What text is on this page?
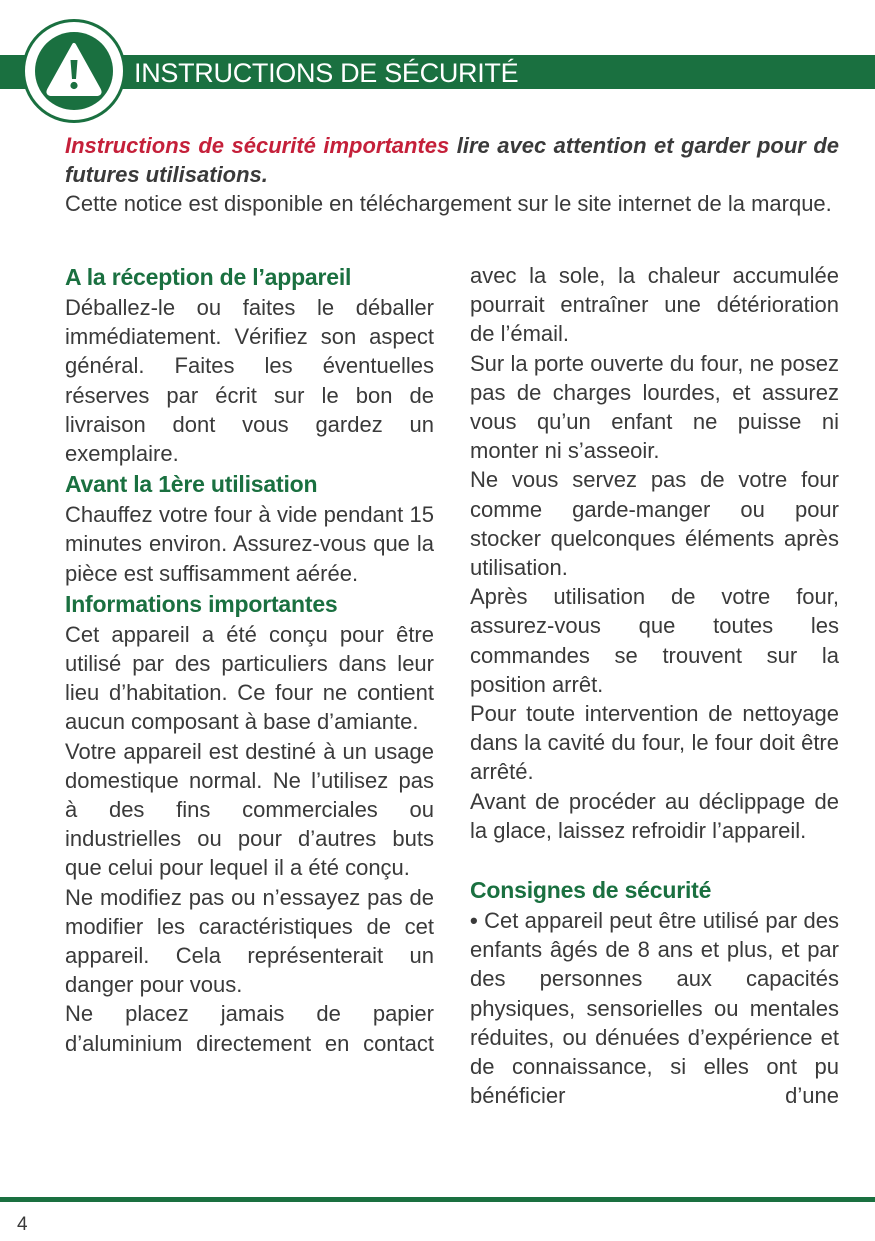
INSTRUCTIONS DE SÉCURITÉ

Instructions de sécurité importantes lire avec attention et garder pour de futures utilisations.

Cette notice est disponible en téléchargement sur le site internet de la marque.

A la réception de l’appareil

Déballez-le ou faites le déballer immédiatement. Vérifiez son aspect général. Faites les éventuelles réserves par écrit sur le bon de livraison dont vous gardez un exemplaire.

Avant la 1ère utilisation

Chauffez votre four à vide pendant 15 minutes environ. Assurez-vous que la pièce est suffisamment aérée.

Informations importantes

Cet appareil a été conçu pour être utilisé par des particuliers dans leur lieu d’habitation. Ce four ne contient aucun composant à base d’amiante.

Votre appareil est destiné à un usage domestique normal. Ne l’utilisez pas à des fins commerciales ou industrielles ou pour d’autres buts que celui pour lequel il a été conçu.

Ne modifiez pas ou n’essayez pas de modifier les caractéristiques de cet appareil. Cela représenterait un danger pour vous.

Ne placez jamais de papier d’aluminium directement en contact

avec la sole, la chaleur accumulée pourrait entraîner une détérioration de l’émail.

Sur la porte ouverte du four, ne posez pas de charges lourdes, et assurez vous qu’un enfant ne puisse ni monter ni s’asseoir.

Ne vous servez pas de votre four comme garde-manger ou pour stocker quelconques éléments après utilisation.

Après utilisation de votre four, assurez-vous que toutes les commandes se trouvent sur la position arrêt.

Pour toute intervention de nettoyage dans la cavité du four, le four doit être arrêté.

Avant de procéder au déclippage de la glace, laissez refroidir l’appareil.

Consignes de sécurité

• Cet appareil peut être utilisé par des enfants âgés de 8 ans et plus, et par des personnes aux capacités physiques, sensorielles ou mentales réduites, ou dénuées d’expérience et de connaissance, si elles ont pu bénéficier d’une

4
